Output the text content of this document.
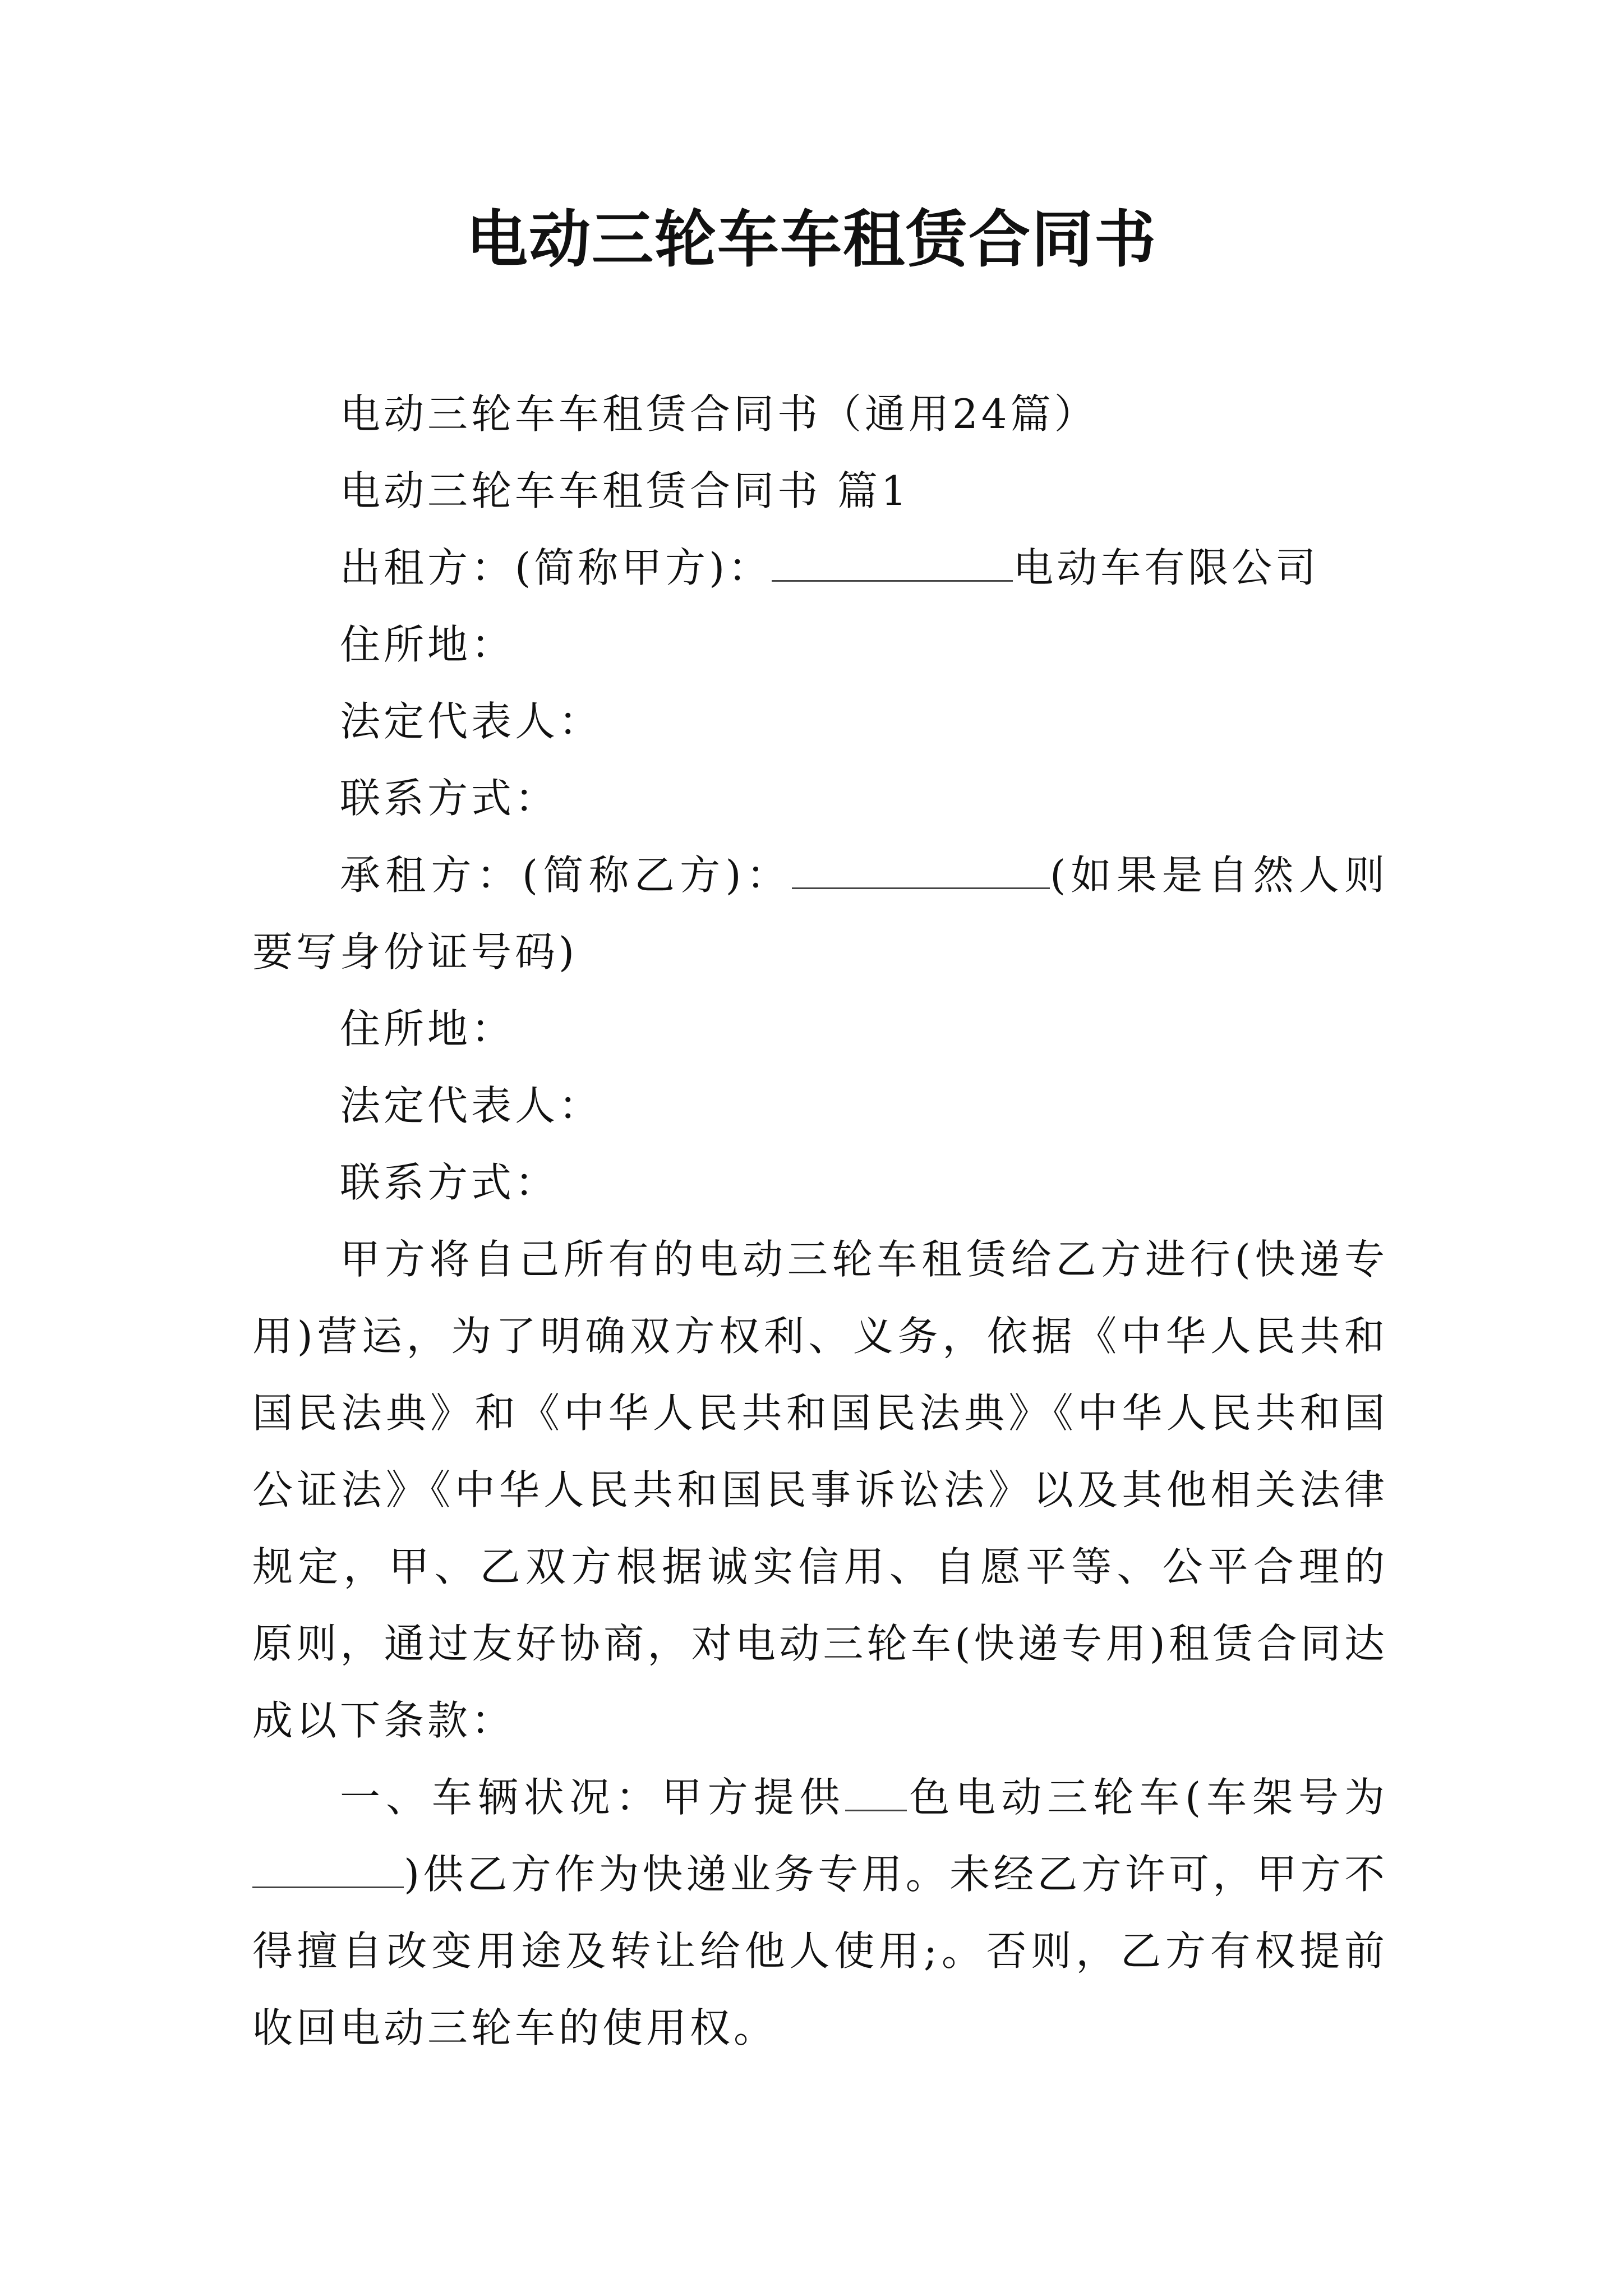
电动三轮车车租赁合同书

电动三轮车车租赁合同书（通用24篇）

电动三轮车车租赁合同书 篇1

出租方：(简称甲方)：	电动车有限公司

住所地：

法定代表人：

联系方式：

承租方：(简称乙方)：	(如果是自然人则要写身份证号码)

住所地：

法定代表人：

联系方式：

甲方将自己所有的电动三轮车租赁给乙方进行(快递专用)营运，为了明确双方权利、义务，依据《中华人民共和国民法典》和《中华人民共和国民法典》《中华人民共和国公证法》《中华人民共和国民事诉讼法》以及其他相关法律规定，甲、乙双方根据诚实信用、自愿平等、公平合理的原则，通过友好协商，对电动三轮车(快递专用)租赁合同达成以下条款：

一、车辆状况：甲方提供 色电动三轮车(车架号为)供乙方作为快递业务专用。未经乙方许可，甲方不得擅自改变用途及转让给他人使用;。否则，乙方有权提前收回电动三轮车的使用权。
